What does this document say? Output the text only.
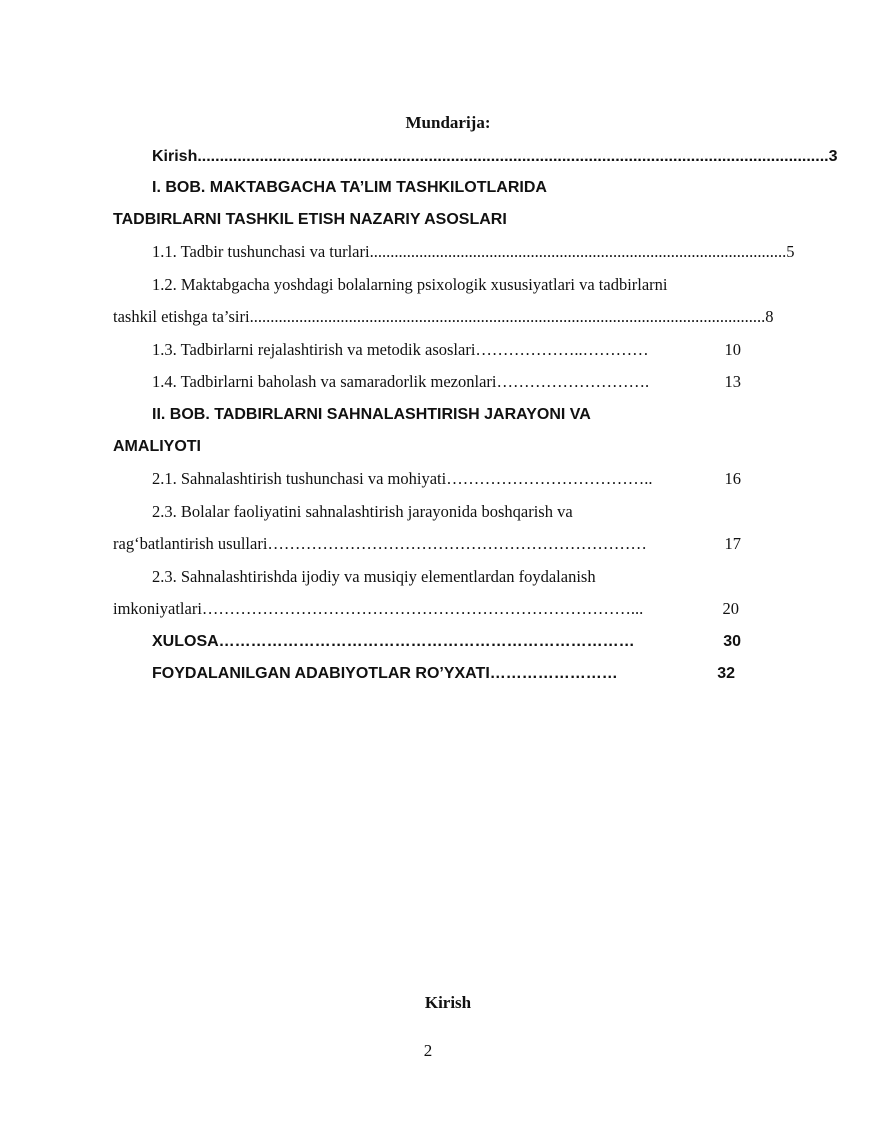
Mundarija:
Kirish .............................................................................................................................................. 3
I. BOB. MAKTABGACHA TA’LIM TASHKILOTLARIDA
TADBIRLARNI TASHKIL ETISH NAZARIY ASOSLARI
1.1. Tadbir tushunchasi va turlari ..................................................................................................... 5
1.2. Maktabgacha yoshdagi bolalarning psixologik xususiyatlari va tadbirlarni
tashkil etishga ta’siri ............................................................................................................................. 8
1.3. Tadbirlarni rejalashtirish va metodik asoslari ………………..…………	10
1.4. Tadbirlarni baholash va samaradorlik mezonlari ……………………….	13
II. BOB. TADBIRLARNI SAHNALASHTIRISH JARAYONI VA
AMALIYOTI
2.1. Sahnalashtirish tushunchasi va mohiyati ………………………………..	16
2.3. Bolalar faoliyatini sahnalashtirish jarayonida boshqarish va
rag‘batlantirish usullari ……………………………………………………………	17
2.3. Sahnalashtirishda ijodiy va musiqiy elementlardan foydalanish
imkoniyatlari ……………………………………………………………………...	20
XULOSA ……………………………………………………………………	30
FOYDALANILGAN ADABIYOTLAR RO’YXATI ……………………	32
Kirish
2
